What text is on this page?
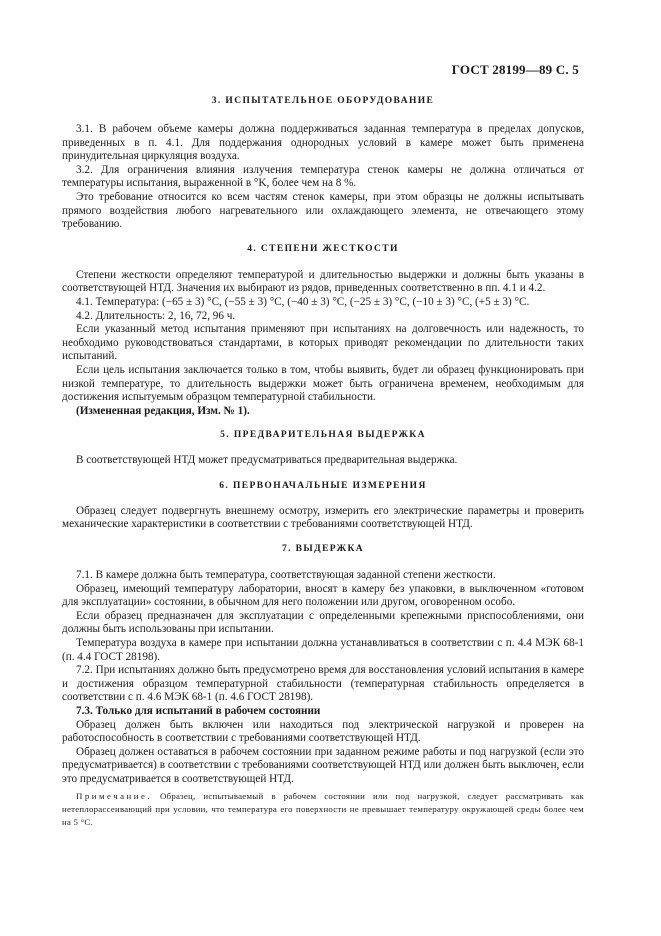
ГОСТ 28199—89 С. 5
3. ИСПЫТАТЕЛЬНОЕ ОБОРУДОВАНИЕ

3.1. В рабочем объеме камеры должна поддерживаться заданная температура в пределах допусков, приведенных в п. 4.1. Для поддержания однородных условий в камере может быть применена принудительная циркуляция воздуха.

3.2. Для ограничения влияния излучения температура стенок камеры не должна отличаться от температуры испытания, выраженной в °K, более чем на 8 %.

Это требование относится ко всем частям стенок камеры, при этом образцы не должны испытывать прямого воздействия любого нагревательного или охлаждающего элемента, не отвечающего этому требованию.

4. СТЕПЕНИ ЖЕСТКОСТИ

Степени жесткости определяют температурой и длительностью выдержки и должны быть указаны в соответствующей НТД. Значения их выбирают из рядов, приведенных соответственно в пп. 4.1 и 4.2.

4.1. Температура: (−65 ± 3) °С, (−55 ± 3) °С, (−40 ± 3) °С, (−25 ± 3) °С, (−10 ± 3) °С, (+5 ± 3) °С.

4.2. Длительность: 2, 16, 72, 96 ч.

Если указанный метод испытания применяют при испытаниях на долговечность или надежность, то необходимо руководствоваться стандартами, в которых приводят рекомендации по длительности таких испытаний.

Если цель испытания заключается только в том, чтобы выявить, будет ли образец функционировать при низкой температуре, то длительность выдержки может быть ограничена временем, необходимым для достижения испытуемым образцом температурной стабильности.

(Измененная редакция, Изм. № 1).

5. ПРЕДВАРИТЕЛЬНАЯ ВЫДЕРЖКА

В соответствующей НТД может предусматриваться предварительная выдержка.

6. ПЕРВОНАЧАЛЬНЫЕ ИЗМЕРЕНИЯ

Образец следует подвергнуть внешнему осмотру, измерить его электрические параметры и проверить механические характеристики в соответствии с требованиями соответствующей НТД.

7. ВЫДЕРЖКА

7.1. В камере должна быть температура, соответствующая заданной степени жесткости.

Образец, имеющий температуру лаборатории, вносят в камеру без упаковки, в выключенном «готовом для эксплуатации» состоянии, в обычном для него положении или другом, оговоренном особо.

Если образец предназначен для эксплуатации с определенными крепежными приспособлениями, они должны быть использованы при испытании.

Температура воздуха в камере при испытании должна устанавливаться в соответствии с п. 4.4 МЭК 68-1 (п. 4.4 ГОСТ 28198).

7.2. При испытаниях должно быть предусмотрено время для восстановления условий испытания в камере и достижения образцом температурной стабильности (температурная стабильность определяется в соответствии с п. 4.6 МЭК 68-1 (п. 4.6 ГОСТ 28198).

7.3. Только для испытаний в рабочем состоянии

Образец должен быть включен или находиться под электрической нагрузкой и проверен на работоспособность в соответствии с требованиями соответствующей НТД.

Образец должен оставаться в рабочем состоянии при заданном режиме работы и под нагрузкой (если это предусматривается) в соответствии с требованиями соответствующей НТД или должен быть выключен, если это предусматривается в соответствующей НТД.

Примечание. Образец, испытываемый в рабочем состоянии или под нагрузкой, следует рассматривать как нетеплорассеивающий при условии, что температура его поверхности не превышает температуру окружающей среды более чем на 5 °С.
